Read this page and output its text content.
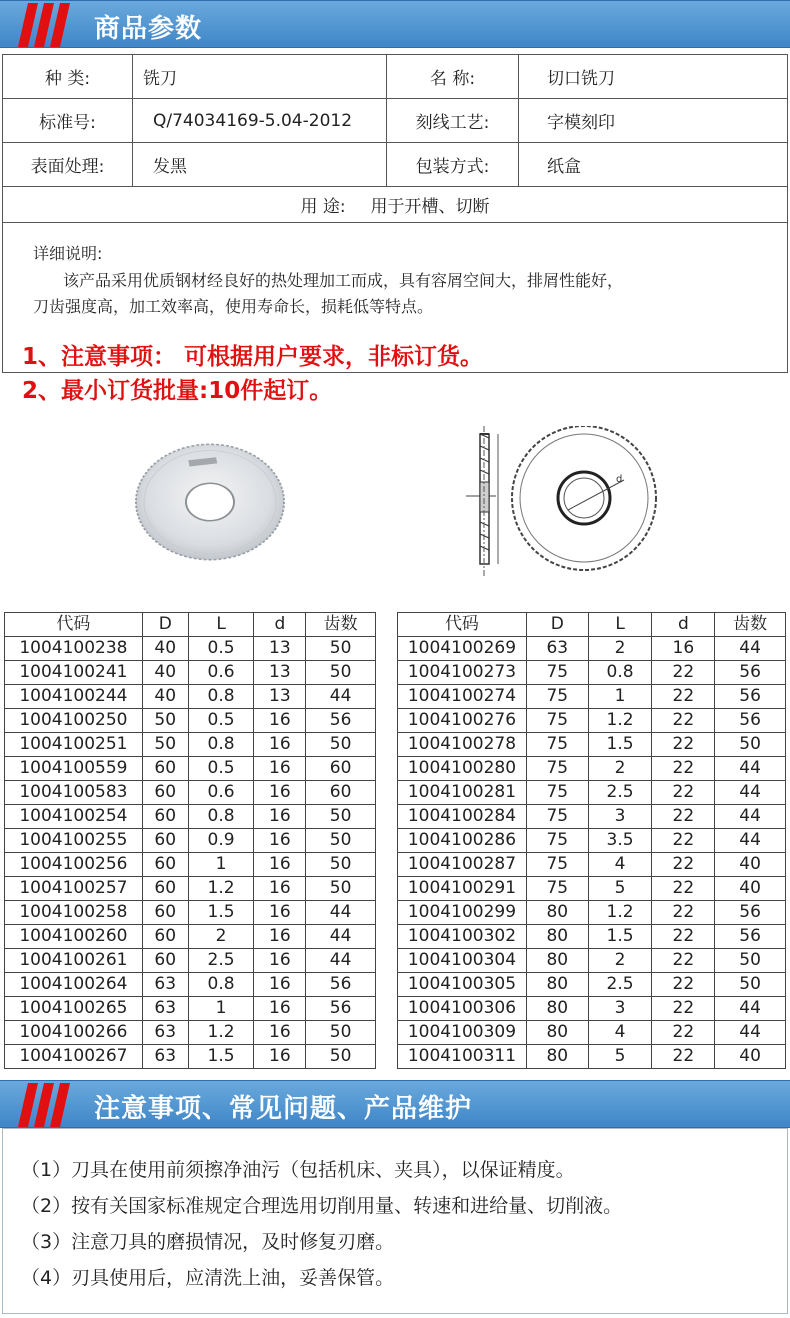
商品参数
种 类:	铣刀	名 称:	切口铣刀
标准号:	Q/74034169-5.04-2012	刻线工艺:	字模刻印
表面处理:	发黑	包装方式:	纸盒
用 途: 用于开槽、切断			

详细说明:
该产品采用优质钢材经良好的热处理加工而成，具有容屑空间大，排屑性能好，
刀齿强度高，加工效率高，使用寿命长，损耗低等特点。			
1、注意事项： 可根据用户要求，非标订货。
2、最小订货批量:10件起订。
d
代码	D	L	d	齿数
1004100238	40	0.5	13	50
1004100241	40	0.6	13	50
1004100244	40	0.8	13	44
1004100250	50	0.5	16	56
1004100251	50	0.8	16	50
1004100559	60	0.5	16	60
1004100583	60	0.6	16	60
1004100254	60	0.8	16	50
1004100255	60	0.9	16	50
1004100256	60	1	16	50
1004100257	60	1.2	16	50
1004100258	60	1.5	16	44
1004100260	60	2	16	44
1004100261	60	2.5	16	44
1004100264	63	0.8	16	56
1004100265	63	1	16	56
1004100266	63	1.2	16	50
1004100267	63	1.5	16	50
代码	D	L	d	齿数
1004100269	63	2	16	44
1004100273	75	0.8	22	56
1004100274	75	1	22	56
1004100276	75	1.2	22	56
1004100278	75	1.5	22	50
1004100280	75	2	22	44
1004100281	75	2.5	22	44
1004100284	75	3	22	44
1004100286	75	3.5	22	44
1004100287	75	4	22	40
1004100291	75	5	22	40
1004100299	80	1.2	22	56
1004100302	80	1.5	22	56
1004100304	80	2	22	50
1004100305	80	2.5	22	50
1004100306	80	3	22	44
1004100309	80	4	22	44
1004100311	80	5	22	40
注意事项、常见问题、产品维护
（1）刀具在使用前须擦净油污（包括机床、夹具），以保证精度。
（2）按有关国家标准规定合理选用切削用量、转速和进给量、切削液。
（3）注意刀具的磨损情况，及时修复刃磨。
（4）刃具使用后，应清洗上油，妥善保管。
